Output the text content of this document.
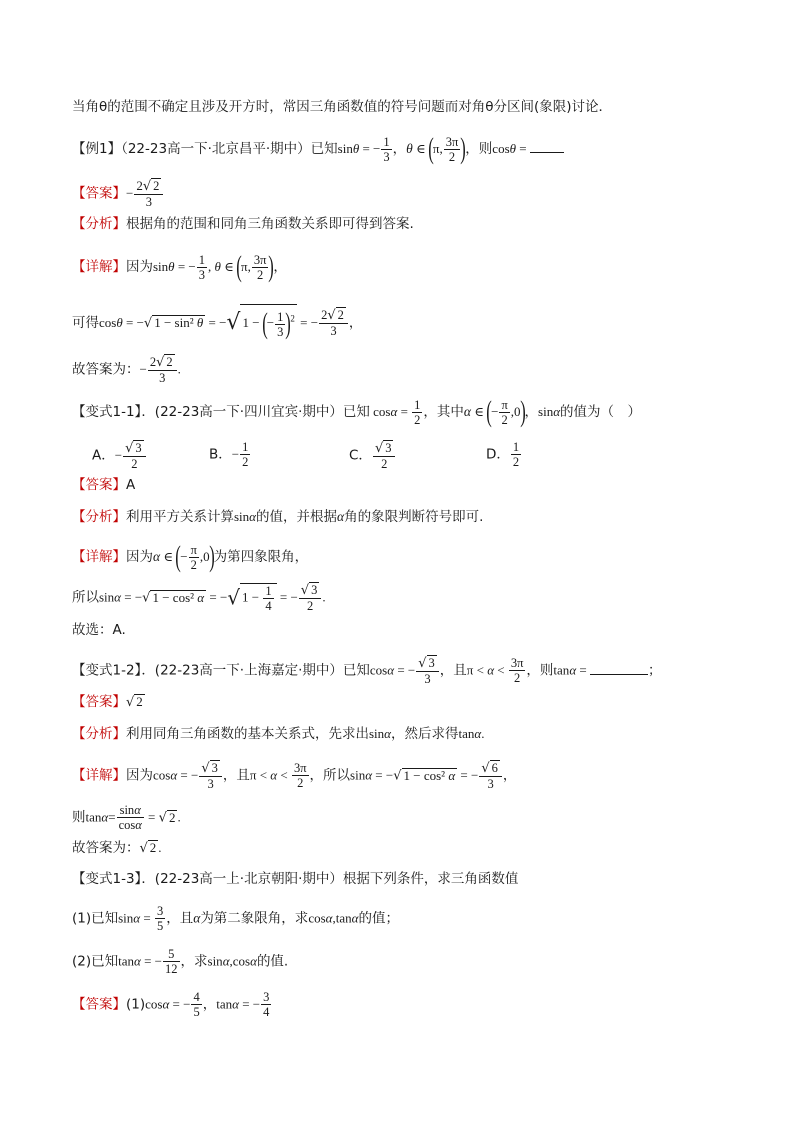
当角θ的范围不确定且涉及开方时，常因三角函数值的符号问题而对角θ分区间(象限)讨论．
【例1】（22-23高一下·北京昌平·期中）已知sinθ = − $\frac{1}{3}$ ，θ ∈ (π, $\frac{3\pi}{2}$ )，则cosθ =
【答案】− $\frac{2√ 2}{3}$
【分析】根据角的范围和同角三角函数关系即可得到答案.
【详解】因为sinθ = − $\frac{1}{3}$ , θ ∈ (π, $\frac{3\pi}{2}$ )，
可得cosθ = −√ 1 − sin² θ = −√ 1 − (− $\frac{1}{3} )^2$ = − $\frac{2√ 2}{3}$ ，
故答案为：− $\frac{2√ 2}{3}$ .
【变式1-1】．(22-23高一下·四川宜宾·期中）已知 $\cos\alpha = \frac{1}{2}$ ，其中α ∈ (− $\frac{\pi}{2} ,0$)，sinα的值为（　）
A．− $\frac{√ 3}{2}$	B．− $\frac{1}{2}$	C． $\frac{√ 3}{2}$	D． $\frac{1}{2}$
【答案】A
【分析】利用平方关系计算sinα的值，并根据α角的象限判断符号即可.
【详解】因为α ∈ (− $\frac{\pi}{2} ,0$)为第四象限角，
所以sinα = −√ 1 − cos² α = −√ $1 - \frac{1}{4}$ = − $\frac{√ 3}{2}$ .
故选：A.
【变式1-2】．(22-23高一下·上海嘉定·期中）已知cosα = − $\frac{√ 3}{3}$ ，且$\pi < \alpha < \frac{3\pi}{2}$ ，则tanα =	；
【答案】√ 2
【分析】利用同角三角函数的基本关系式，先求出sinα，然后求得tanα.
【详解】因为cosα = − $\frac{√ 3}{3}$ ，且$\pi < \alpha < \frac{3\pi}{2}$ ，所以sinα = −√ 1 − cos² α = − $\frac{√ 6}{3}$ ，
则$\tan\alpha= \frac{\sin\alpha}{\cos\alpha}$ = √ 2 .
故答案为：√ 2 .
【变式1-3】．(22-23高一上·北京朝阳·期中）根据下列条件，求三角函数值
(1)已知$\sin\alpha = \frac{3}{5}$ ，且α为第二象限角，求cosα,tanα的值；
(2)已知tanα = − $\frac{5}{12}$ ，求sinα,cosα的值.
【答案】(1)cosα = − $\frac{4}{5}$ ，tanα = − $\frac{3}{4}$
